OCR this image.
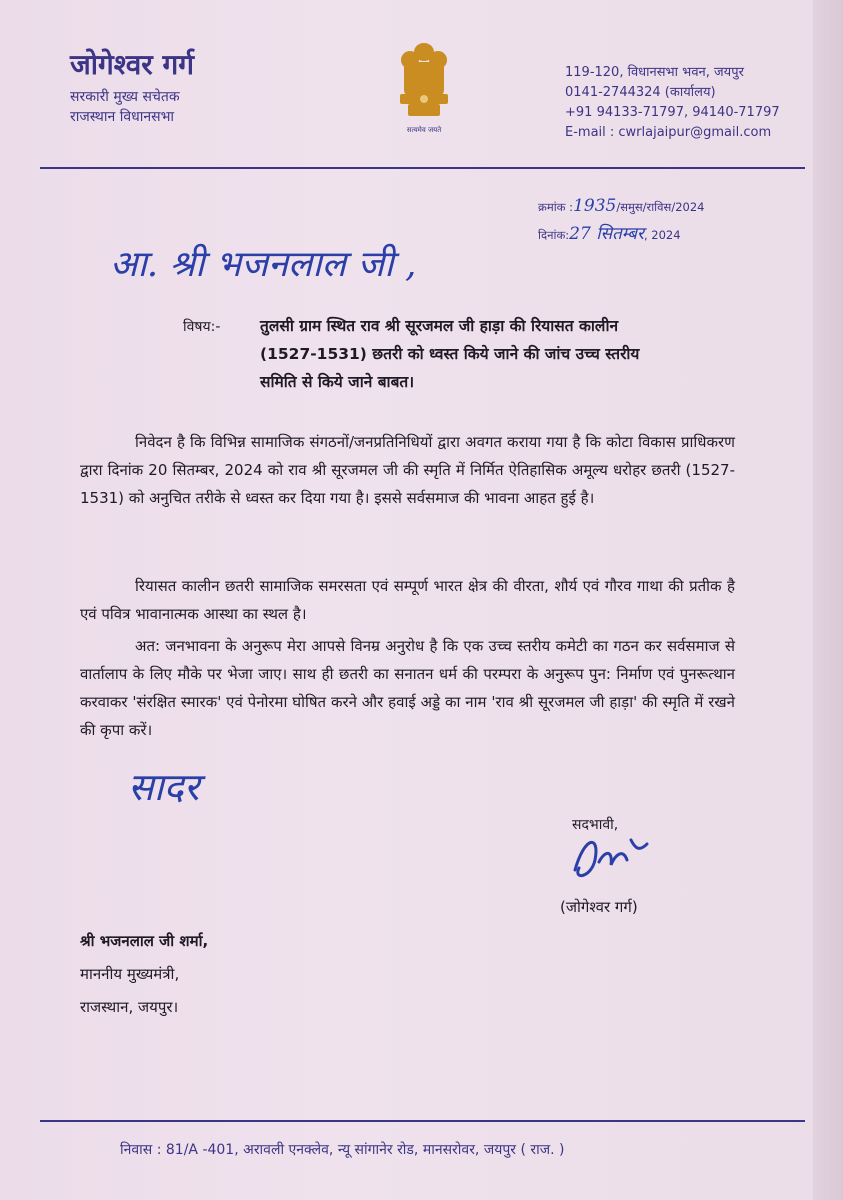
जोगेश्वर गर्ग
सरकारी मुख्य सचेतक
राजस्थान विधानसभा
सत्यमेव जयते
119-120, विधानसभा भवन, जयपुर
0141-2744324 (कार्यालय)
+91 94133-71797, 94140-71797
E-mail : cwrlajaipur@gmail.com
क्रमांक :1935/समुस/राविस/2024
दिनांक:27 सितम्बर, 2024
आ. श्री भजनलाल जी ,
विषय:-	तुलसी ग्राम स्थित राव श्री सूरजमल जी हाड़ा की रियासत कालीन
(1527-1531) छतरी को ध्वस्त किये जाने की जांच उच्च स्तरीय
समिति से किये जाने बाबत।
निवेदन है कि विभिन्न सामाजिक संगठनों/जनप्रतिनिधियों द्वारा अवगत कराया गया है कि कोटा विकास प्राधिकरण द्वारा दिनांक 20 सितम्बर, 2024 को राव श्री सूरजमल जी की स्मृति में निर्मित ऐतिहासिक अमूल्य धरोहर छतरी (1527-1531) को अनुचित तरीके से ध्वस्त कर दिया गया है। इससे सर्वसमाज की भावना आहत हुई है।
रियासत कालीन छतरी सामाजिक समरसता एवं सम्पूर्ण भारत क्षेत्र की वीरता, शौर्य एवं गौरव गाथा की प्रतीक है एवं पवित्र भावानात्मक आस्था का स्थल है।
अत: जनभावना के अनुरूप मेरा आपसे विनम्र अनुरोध है कि एक उच्च स्तरीय कमेटी का गठन कर सर्वसमाज से वार्तालाप के लिए मौके पर भेजा जाए। साथ ही छतरी का सनातन धर्म की परम्परा के अनुरूप पुन: निर्माण एवं पुनरूत्थान करवाकर 'संरक्षित स्मारक' एवं पेनोरमा घोषित करने और हवाई अड्डे का नाम 'राव श्री सूरजमल जी हाड़ा' की स्मृति में रखने की कृपा करें।
सादर
सदभावी,
(जोगेश्वर गर्ग)
श्री भजनलाल जी शर्मा,
माननीय मुख्यमंत्री,
राजस्थान, जयपुर।
निवास : 81/A -401, अरावली एनक्लेव, न्यू सांगानेर रोड, मानसरोवर, जयपुर ( राज. )
